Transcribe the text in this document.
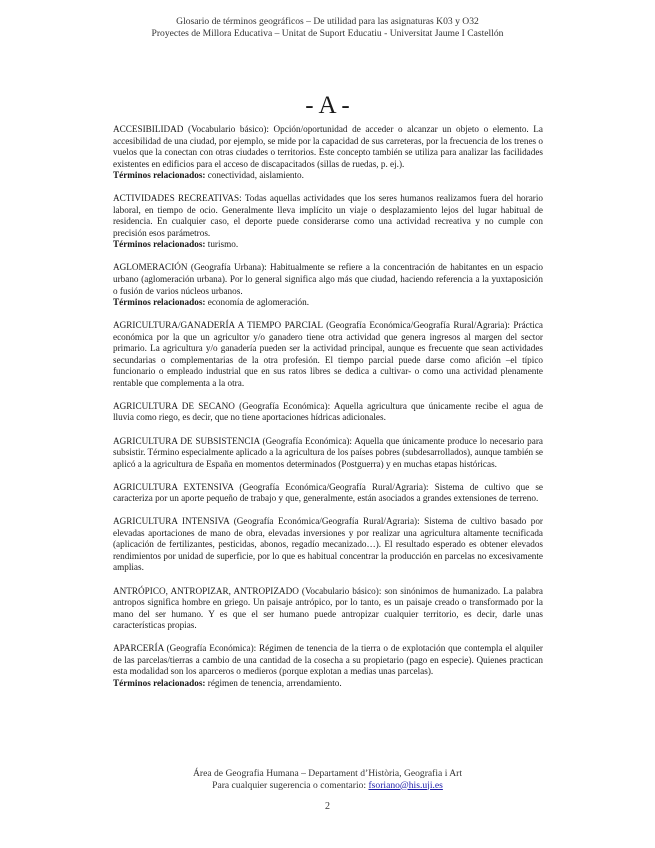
Glosario de términos geográficos – De utilidad para las asignaturas K03 y O32
Proyectes de Millora Educativa – Unitat de Suport Educatiu - Universitat Jaume I Castellón
- A -

ACCESIBILIDAD (Vocabulario básico): Opción/oportunidad de acceder o alcanzar un objeto o elemento. La accesibilidad de una ciudad, por ejemplo, se mide por la capacidad de sus carreteras, por la frecuencia de los trenes o vuelos que la conectan con otras ciudades o territorios. Este concepto también se utiliza para analizar las facilidades existentes en edificios para el acceso de discapacitados (sillas de ruedas, p. ej.).

Términos relacionados: conectividad, aislamiento.

ACTIVIDADES RECREATIVAS: Todas aquellas actividades que los seres humanos realizamos fuera del horario laboral, en tiempo de ocio. Generalmente lleva implícito un viaje o desplazamiento lejos del lugar habitual de residencia. En cualquier caso, el deporte puede considerarse como una actividad recreativa y no cumple con precisión esos parámetros.

Términos relacionados: turismo.

AGLOMERACIÓN (Geografía Urbana): Habitualmente se refiere a la concentración de habitantes en un espacio urbano (aglomeración urbana). Por lo general significa algo más que ciudad, haciendo referencia a la yuxtaposición o fusión de varios núcleos urbanos.

Términos relacionados: economía de aglomeración.

AGRICULTURA/GANADERÍA A TIEMPO PARCIAL (Geografía Económica/Geografía Rural/Agraria): Práctica económica por la que un agricultor y/o ganadero tiene otra actividad que genera ingresos al margen del sector primario. La agricultura y/o ganadería pueden ser la actividad principal, aunque es frecuente que sean actividades secundarias o complementarias de la otra profesión. El tiempo parcial puede darse como afición –el típico funcionario o empleado industrial que en sus ratos libres se dedica a cultivar- o como una actividad plenamente rentable que complementa a la otra.

AGRICULTURA DE SECANO (Geografía Económica): Aquella agricultura que únicamente recibe el agua de lluvia como riego, es decir, que no tiene aportaciones hídricas adicionales.

AGRICULTURA DE SUBSISTENCIA (Geografía Económica): Aquella que únicamente produce lo necesario para subsistir. Término especialmente aplicado a la agricultura de los países pobres (subdesarrollados), aunque también se aplicó a la agricultura de España en momentos determinados (Postguerra) y en muchas etapas históricas.

AGRICULTURA EXTENSIVA (Geografía Económica/Geografía Rural/Agraria): Sistema de cultivo que se caracteriza por un aporte pequeño de trabajo y que, generalmente, están asociados a grandes extensiones de terreno.

AGRICULTURA INTENSIVA (Geografía Económica/Geografía Rural/Agraria): Sistema de cultivo basado por elevadas aportaciones de mano de obra, elevadas inversiones y por realizar una agricultura altamente tecnificada (aplicación de fertilizantes, pesticidas, abonos, regadío mecanizado…). El resultado esperado es obtener elevados rendimientos por unidad de superficie, por lo que es habitual concentrar la producción en parcelas no excesivamente amplias.

ANTRÓPICO, ANTROPIZAR, ANTROPIZADO (Vocabulario básico): son sinónimos de humanizado. La palabra antropos significa hombre en griego. Un paisaje antrópico, por lo tanto, es un paisaje creado o transformado por la mano del ser humano. Y es que el ser humano puede antropizar cualquier territorio, es decir, darle unas características propias.

APARCERÍA (Geografía Económica): Régimen de tenencia de la tierra o de explotación que contempla el alquiler de las parcelas/tierras a cambio de una cantidad de la cosecha a su propietario (pago en especie). Quienes practican esta modalidad son los aparceros o medieros (porque explotan a medias unas parcelas).

Términos relacionados: régimen de tenencia, arrendamiento.

Área de Geografia Humana – Departament d’Història, Geografia i Art
Para cualquier sugerencia o comentario: fsoriano@his.uji.es
2
